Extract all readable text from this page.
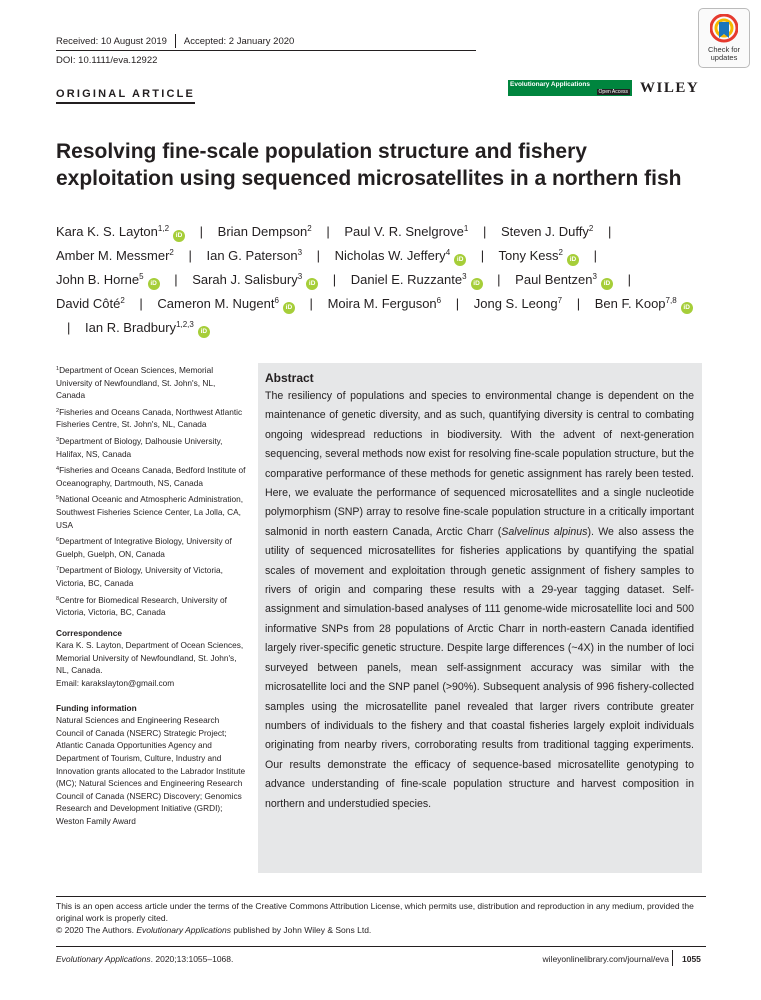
Received: 10 August 2019 Accepted: 2 January 2020
DOI: 10.1111/eva.12922
Check for updates
ORIGINAL ARTICLE
Evolutionary Applications
Open Access WILEY
Resolving fine-scale population structure and fishery exploitation using sequenced microsatellites in a northern fish
Kara K. S. Layton$^{1,2}$iD | Brian Dempson$^2$ | Paul V. R. Snelgrove$^1$ | Steven J. Duffy$^2$ | Amber M. Messmer$^2$ | Ian G. Paterson$^3$ | Nicholas W. Jeffery$^4$iD | Tony Kess$^2$iD | John B. Horne$^5$iD | Sarah J. Salisbury$^3$iD | Daniel E. Ruzzante$^3$iD | Paul Bentzen$^3$iD | David Côté$^2$ | Cameron M. Nugent$^6$iD | Moira M. Ferguson$^6$ | Jong S. Leong$^7$ | Ben F. Koop$^{7,8}$iD | Ian R. Bradbury$^{1,2,3}$iD
$^1$Department of Ocean Sciences, Memorial University of Newfoundland, St. John's, NL, Canada
$^2$Fisheries and Oceans Canada, Northwest Atlantic Fisheries Centre, St. John's, NL, Canada
$^3$Department of Biology, Dalhousie University, Halifax, NS, Canada
$^4$Fisheries and Oceans Canada, Bedford Institute of Oceanography, Dartmouth, NS, Canada
$^5$National Oceanic and Atmospheric Administration, Southwest Fisheries Science Center, La Jolla, CA, USA
$^6$Department of Integrative Biology, University of Guelph, Guelph, ON, Canada
$^7$Department of Biology, University of Victoria, Victoria, BC, Canada
$^8$Centre for Biomedical Research, University of Victoria, Victoria, BC, Canada
Correspondence
Kara K. S. Layton, Department of Ocean Sciences, Memorial University of Newfoundland, St. John's, NL, Canada.
Email: karakslayton@gmail.com
Funding information
Natural Sciences and Engineering Research Council of Canada (NSERC) Strategic Project; Atlantic Canada Opportunities Agency and Department of Tourism, Culture, Industry and Innovation grants allocated to the Labrador Institute (MC); Natural Sciences and Engineering Research Council of Canada (NSERC) Discovery; Genomics Research and Development Initiative (GRDI); Weston Family Award
Abstract

The resiliency of populations and species to environmental change is dependent on the maintenance of genetic diversity, and as such, quantifying diversity is central to combating ongoing widespread reductions in biodiversity. With the advent of next-generation sequencing, several methods now exist for resolving fine-scale population structure, but the comparative performance of these methods for genetic assignment has rarely been tested. Here, we evaluate the performance of sequenced microsatellites and a single nucleotide polymorphism (SNP) array to resolve fine-scale population structure in a critically important salmonid in north eastern Canada, Arctic Charr (Salvelinus alpinus). We also assess the utility of sequenced microsatellites for fisheries applications by quantifying the spatial scales of movement and exploitation through genetic assignment of fishery samples to rivers of origin and comparing these results with a 29-year tagging dataset. Self-assignment and simulation-based analyses of 111 genome-wide microsatellite loci and 500 informative SNPs from 28 populations of Arctic Charr in north-eastern Canada identified largely river-specific genetic structure. Despite large differences (~4X) in the number of loci surveyed between panels, mean self-assignment accuracy was similar with the microsatellite loci and the SNP panel (>90%). Subsequent analysis of 996 fishery-collected samples using the microsatellite panel revealed that larger rivers contribute greater numbers of individuals to the fishery and that coastal fisheries largely exploit individuals originating from nearby rivers, corroborating results from traditional tagging experiments. Our results demonstrate the efficacy of sequence-based microsatellite genotyping to advance understanding of fine-scale population structure and harvest composition in northern and understudied species.

This is an open access article under the terms of the Creative Commons Attribution License, which permits use, distribution and reproduction in any medium, provided the original work is properly cited.
© 2020 The Authors. Evolutionary Applications published by John Wiley & Sons Ltd.
Evolutionary Applications. 2020;13:1055–1068.	wileyonlinelibrary.com/journal/eva 1055
